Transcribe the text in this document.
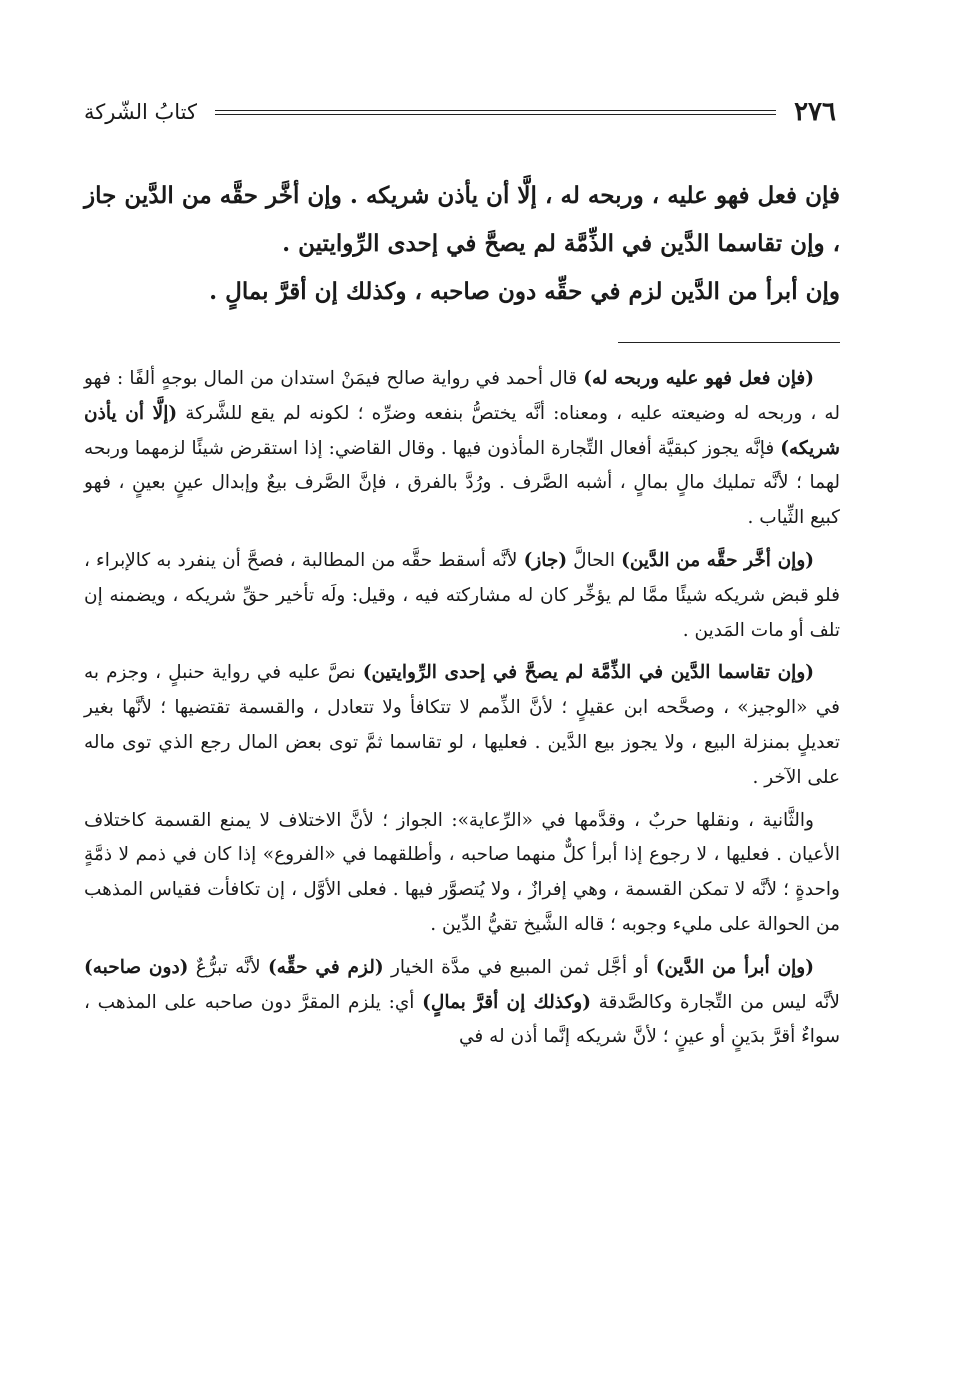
٢٧٦
كتابُ الشّركة

فإن فعل فهو عليه ، وربحه له ، إلَّا أن يأذن شريكه . وإن أخَّر حقَّه من الدَّين جاز ، وإن تقاسما الدَّين في الذِّمَّة لم يصحَّ في إحدى الرِّوايتين .

وإن أبرأ من الدَّين لزم في حقِّه دون صاحبه ، وكذلك إن أقرَّ بمالٍ .

(فإن فعل فهو عليه وربحه له) قال أحمد في رواية صالح فيمَنْ استدان من المال بوجهٍ ألفًا : فهو له ، وربحه له وضيعته عليه ، ومعناه: أنَّه يختصُّ بنفعه وضرِّه ؛ لكونه لم يقع للشَّركة (إلَّا أن يأذن شريكه) فإنَّه يجوز كبقيَّة أفعال التِّجارة المأذون فيها . وقال القاضي: إذا استقرض شيئًا لزمهما وربحه لهما ؛ لأنَّه تمليك مالٍ بمالٍ ، أشبه الصَّرف . ورُدَّ بالفرق ، فإنَّ الصَّرف بيعٌ وإبدال عينٍ بعينٍ ، فهو كبيع الثِّياب .

(وإن أخَّر حقَّه من الدَّين) الحالَّ (جاز) لأنَّه أسقط حقَّه من المطالبة ، فصحَّ أن ينفرد به كالإبراء ، فلو قبض شريكه شيئًا ممَّا لم يؤخِّر كان له مشاركته فيه ، وقيل: ولَه تأخير حقِّ شريكه ، ويضمنه إن تلف أو مات المَدين .

(وإن تقاسما الدَّين في الذِّمَّة لم يصحَّ في إحدى الرِّوايتين) نصَّ عليه في رواية حنبلٍ ، وجزم به في «الوجيز» ، وصحَّحه ابن عقيلٍ ؛ لأنَّ الذِّمم لا تتكافأ ولا تتعادل ، والقسمة تقتضيها ؛ لأنَّها بغير تعديلٍ بمنزلة البيع ، ولا يجوز بيع الدَّين . فعليها ، لو تقاسما ثمَّ توى بعض المال رجع الذي توى ماله على الآخر .

والثَّانية ، ونقلها حربٌ ، وقدَّمها في «الرِّعاية»: الجواز ؛ لأنَّ الاختلاف لا يمنع القسمة كاختلاف الأعيان . فعليها ، لا رجوع إذا أبرأ كلٌّ منهما صاحبه ، وأطلقهما في «الفروع» إذا كان في ذمم لا ذمَّةٍ واحدةٍ ؛ لأنَّه لا تمكن القسمة ، وهي إفرازٌ ، ولا يُتصوَّر فيها . فعلى الأوَّل ، إن تكافأت فقياس المذهب من الحوالة على مليء وجوبه ؛ قاله الشَّيخ تقيُّ الدِّين .

(وإن أبرأ من الدَّين) أو أجَّل ثمن المبيع في مدَّة الخيار (لزم في حقِّه) لأنَّه تبرُّعٌ (دون صاحبه) لأنَّه ليس من التِّجارة وكالصَّدقة (وكذلك إن أقرَّ بمالٍ) أي: يلزم المقرَّ دون صاحبه على المذهب ، سواءٌ أقرَّ بدَينٍ أو عينٍ ؛ لأنَّ شريكه إنَّما أذن له في
